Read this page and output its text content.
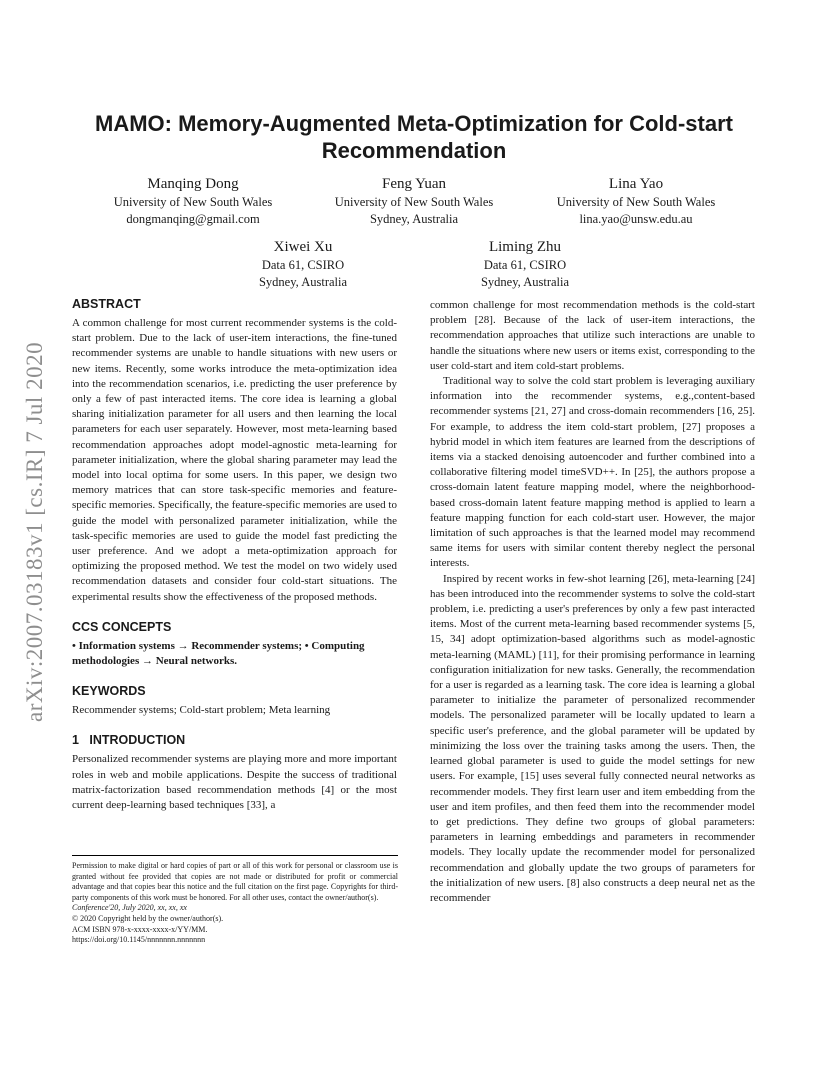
arXiv:2007.03183v1 [cs.IR] 7 Jul 2020
MAMO: Memory-Augmented Meta-Optimization for Cold-start Recommendation
Manqing Dong
University of New South Wales
dongmanqing@gmail.com
Feng Yuan
University of New South Wales
Sydney, Australia
Lina Yao
University of New South Wales
lina.yao@unsw.edu.au
Xiwei Xu
Data 61, CSIRO
Sydney, Australia
Liming Zhu
Data 61, CSIRO
Sydney, Australia
ABSTRACT

A common challenge for most current recommender systems is the cold-start problem. Due to the lack of user-item interactions, the fine-tuned recommender systems are unable to handle situations with new users or new items. Recently, some works introduce the meta-optimization idea into the recommendation scenarios, i.e. predicting the user preference by only a few of past interacted items. The core idea is learning a global sharing initialization parameter for all users and then learning the local parameters for each user separately. However, most meta-learning based recommendation approaches adopt model-agnostic meta-learning for parameter initialization, where the global sharing parameter may lead the model into local optima for some users. In this paper, we design two memory matrices that can store task-specific memories and feature-specific memories. Specifically, the feature-specific memories are used to guide the model with personalized parameter initialization, while the task-specific memories are used to guide the model fast predicting the user preference. And we adopt a meta-optimization approach for optimizing the proposed method. We test the model on two widely used recommendation datasets and consider four cold-start situations. The experimental results show the effectiveness of the proposed methods.

CCS CONCEPTS

• Information systems → Recommender systems; • Computing methodologies → Neural networks.

KEYWORDS

Recommender systems; Cold-start problem; Meta learning

1   INTRODUCTION

Personalized recommender systems are playing more and more important roles in web and mobile applications. Despite the success of traditional matrix-factorization based recommendation methods [4] or the most current deep-learning based techniques [33], a

Permission to make digital or hard copies of part or all of this work for personal or classroom use is granted without fee provided that copies are not made or distributed for profit or commercial advantage and that copies bear this notice and the full citation on the first page. Copyrights for third-party components of this work must be honored. For all other uses, contact the owner/author(s).

Conference'20, July 2020, xx, xx, xx

© 2020 Copyright held by the owner/author(s).

ACM ISBN 978-x-xxxx-xxxx-x/YY/MM.

https://doi.org/10.1145/nnnnnnn.nnnnnnn

common challenge for most recommendation methods is the cold-start problem [28]. Because of the lack of user-item interactions, the recommendation approaches that utilize such interactions are unable to handle the situations where new users or items exist, corresponding to the user cold-start and item cold-start problems.

Traditional way to solve the cold start problem is leveraging auxiliary information into the recommender systems, e.g.,content-based recommender systems [21, 27] and cross-domain recommenders [16, 25]. For example, to address the item cold-start problem, [27] proposes a hybrid model in which item features are learned from the descriptions of items via a stacked denoising autoencoder and further combined into a collaborative filtering model timeSVD++. In [25], the authors propose a cross-domain latent feature mapping model, where the neighborhood-based cross-domain latent feature mapping method is applied to learn a feature mapping function for each cold-start user. However, the major limitation of such approaches is that the learned model may recommend same items for users with similar content thereby neglect the personal interests.

Inspired by recent works in few-shot learning [26], meta-learning [24] has been introduced into the recommender systems to solve the cold-start problem, i.e. predicting a user's preferences by only a few past interacted items. Most of the current meta-learning based recommender systems [5, 15, 34] adopt optimization-based algorithms such as model-agnostic meta-learning (MAML) [11], for their promising performance in learning configuration initialization for new tasks. Generally, the recommendation for a user is regarded as a learning task. The core idea is learning a global parameter to initialize the parameter of personalized recommender models. The personalized parameter will be locally updated to learn a specific user's preference, and the global parameter will be updated by minimizing the loss over the training tasks among the users. Then, the learned global parameter is used to guide the model settings for new users. For example, [15] uses several fully connected neural networks as recommender models. They first learn user and item embedding from the user and item profiles, and then feed them into the recommender model to get predictions. They define two groups of global parameters: parameters in learning embeddings and parameters in recommender models. They locally update the recommender model for personalized recommendation and globally update the two groups of parameters for the initialization of new users. [8] also constructs a deep neural net as the recommender
